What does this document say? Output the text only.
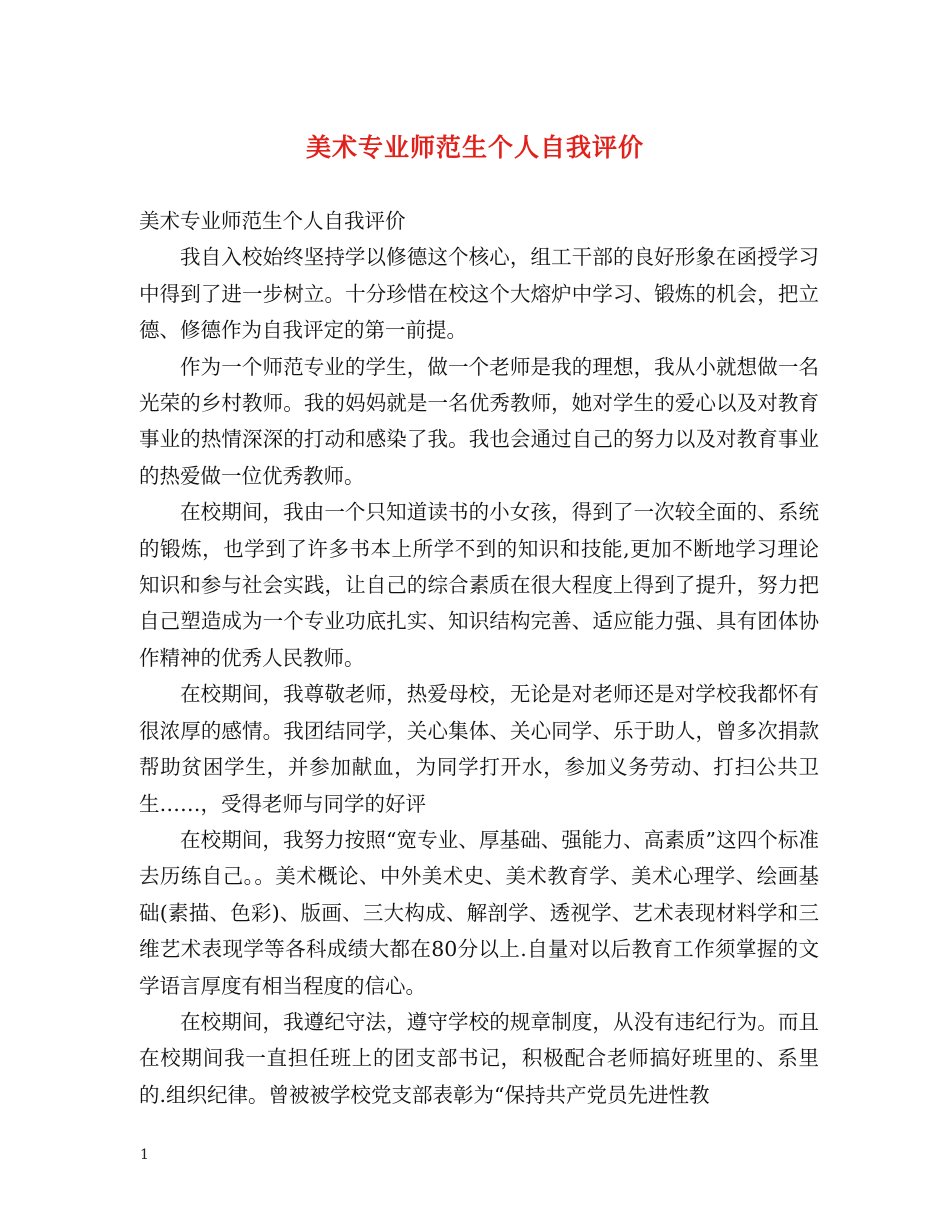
美术专业师范生个人自我评价

美术专业师范生个人自我评价

我自入校始终坚持学以修德这个核心，组工干部的良好形象在函授学习中得到了进一步树立。十分珍惜在校这个大熔炉中学习、锻炼的机会，把立德、修德作为自我评定的第一前提。

作为一个师范专业的学生，做一个老师是我的理想，我从小就想做一名光荣的乡村教师。我的妈妈就是一名优秀教师，她对学生的爱心以及对教育事业的热情深深的打动和感染了我。我也会通过自己的努力以及对教育事业的热爱做一位优秀教师。

在校期间，我由一个只知道读书的小女孩，得到了一次较全面的、系统的锻炼，也学到了许多书本上所学不到的知识和技能,更加不断地学习理论知识和参与社会实践，让自己的综合素质在很大程度上得到了提升，努力把自己塑造成为一个专业功底扎实、知识结构完善、适应能力强、具有团体协作精神的优秀人民教师。

在校期间，我尊敬老师，热爱母校，无论是对老师还是对学校我都怀有很浓厚的感情。我团结同学，关心集体、关心同学、乐于助人，曾多次捐款帮助贫困学生，并参加献血，为同学打开水，参加义务劳动、打扫公共卫生……，受得老师与同学的好评

在校期间，我努力按照“宽专业、厚基础、强能力、高素质”这四个标准去历练自己。。美术概论、中外美术史、美术教育学、美术心理学、绘画基础(素描、色彩)、版画、三大构成、解剖学、透视学、艺术表现材料学和三维艺术表现学等各科成绩大都在80分以上.自量对以后教育工作须掌握的文学语言厚度有相当程度的信心。

在校期间，我遵纪守法，遵守学校的规章制度，从没有违纪行为。而且在校期间我一直担任班上的团支部书记，积极配合老师搞好班里的、系里的.组织纪律。曾被被学校党支部表彰为“保持共产党员先进性教

1
